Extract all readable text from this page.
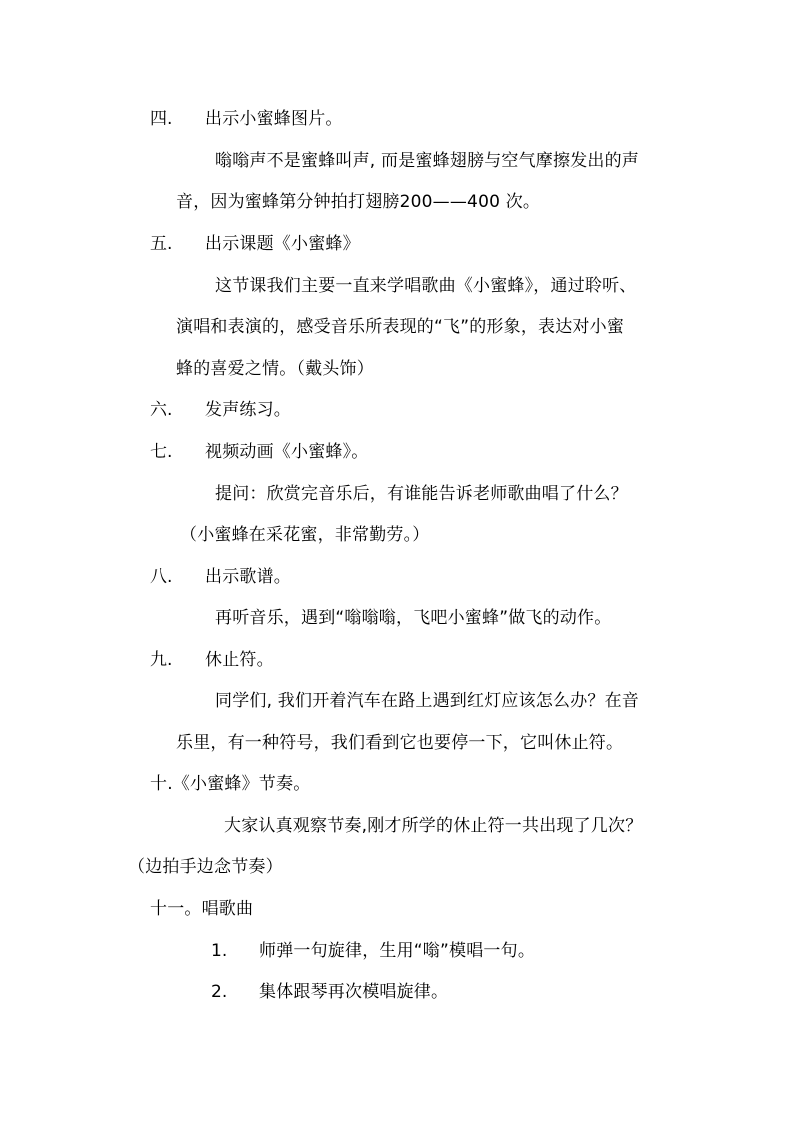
四. 出示小蜜蜂图片。
嗡嗡声不是蜜蜂叫声, 而是蜜蜂翅膀与空气摩擦发出的声
音，因为蜜蜂第分钟拍打翅膀200——400 次。
五. 出示课题《小蜜蜂》
这节课我们主要一直来学唱歌曲《小蜜蜂》，通过聆听、
演唱和表演的，感受音乐所表现的“飞”的形象，表达对小蜜
蜂的喜爱之情。（戴头饰）
六. 发声练习。
七. 视频动画《小蜜蜂》。
提问：欣赏完音乐后，有谁能告诉老师歌曲唱了什么？
（小蜜蜂在采花蜜，非常勤劳。）
八. 出示歌谱。
再听音乐，遇到“嗡嗡嗡，飞吧小蜜蜂”做飞的动作。
九. 休止符。
同学们, 我们开着汽车在路上遇到红灯应该怎么办？在音
乐里，有一种符号，我们看到它也要停一下，它叫休止符。
十.《小蜜蜂》节奏。
大家认真观察节奏,刚才所学的休止符一共出现了几次？
（边拍手边念节奏）
十一。唱歌曲
1. 师弹一句旋律，生用“嗡”模唱一句。
2. 集体跟琴再次模唱旋律。
